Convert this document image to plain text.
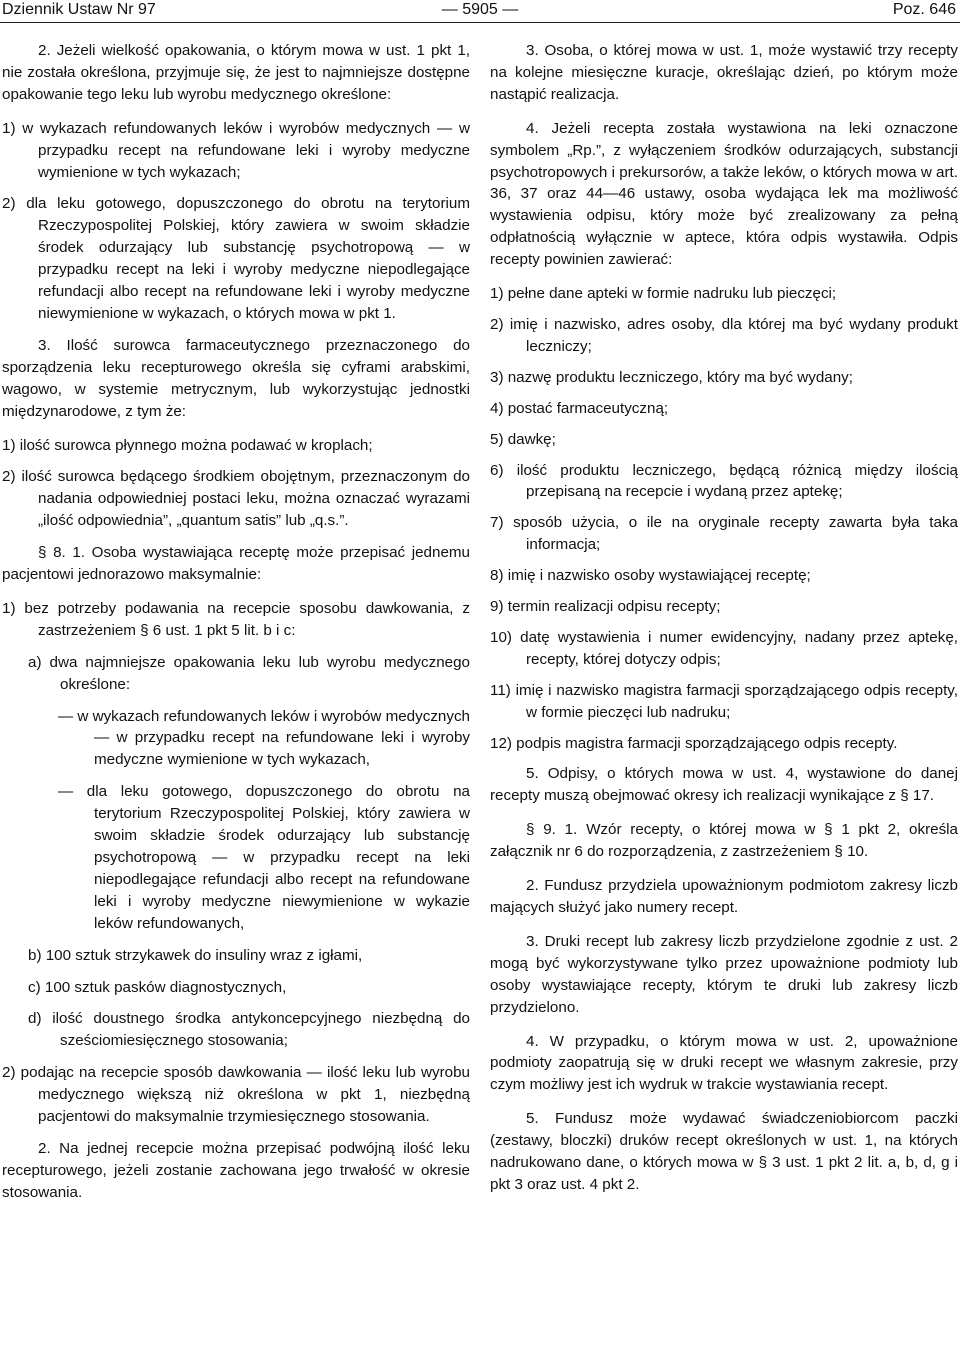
Dziennik Ustaw Nr 97	— 5905 —	Poz. 646

2. Jeżeli wielkość opakowania, o którym mowa w ust. 1 pkt 1, nie została określona, przyjmuje się, że jest to najmniejsze dostępne opakowanie tego leku lub wyrobu medycznego określone:

1) w wykazach refundowanych leków i wyrobów medycznych — w przypadku recept na refundowane leki i wyroby medyczne wymienione w tych wykazach;

2) dla leku gotowego, dopuszczonego do obrotu na terytorium Rzeczypospolitej Polskiej, który zawiera w swoim składzie środek odurzający lub substancję psychotropową — w przypadku recept na leki i wyroby medyczne niepodlegające refundacji albo recept na refundowane leki i wyroby medyczne niewymienione w wykazach, o których mowa w pkt 1.

3. Ilość surowca farmaceutycznego przeznaczonego do sporządzenia leku recepturowego określa się cyframi arabskimi, wagowo, w systemie metrycznym, lub wykorzystując jednostki międzynarodowe, z tym że:

1) ilość surowca płynnego można podawać w kroplach;

2) ilość surowca będącego środkiem obojętnym, przeznaczonym do nadania odpowiedniej postaci leku, można oznaczać wyrazami „ilość odpowiednia”, „quantum satis” lub „q.s.”.

§ 8. 1. Osoba wystawiająca receptę może przepisać jednemu pacjentowi jednorazowo maksymalnie:

1) bez potrzeby podawania na recepcie sposobu dawkowania, z zastrzeżeniem § 6 ust. 1 pkt 5 lit. b i c:

a) dwa najmniejsze opakowania leku lub wyrobu medycznego określone:

— w wykazach refundowanych leków i wyrobów medycznych — w przypadku recept na refundowane leki i wyroby medyczne wymienione w tych wykazach,

— dla leku gotowego, dopuszczonego do obrotu na terytorium Rzeczypospolitej Polskiej, który zawiera w swoim składzie środek odurzający lub substancję psychotropową — w przypadku recept na leki niepodlegające refundacji albo recept na refundowane leki i wyroby medyczne niewymienione w wykazie leków refundowanych,

b) 100 sztuk strzykawek do insuliny wraz z igłami,

c) 100 sztuk pasków diagnostycznych,

d) ilość doustnego środka antykoncepcyjnego niezbędną do sześciomiesięcznego stosowania;

2) podając na recepcie sposób dawkowania — ilość leku lub wyrobu medycznego większą niż określona w pkt 1, niezbędną pacjentowi do maksymalnie trzymiesięcznego stosowania.

2. Na jednej recepcie można przepisać podwójną ilość leku recepturowego, jeżeli zostanie zachowana jego trwałość w okresie stosowania.

3. Osoba, o której mowa w ust. 1, może wystawić trzy recepty na kolejne miesięczne kuracje, określając dzień, po którym może nastąpić realizacja.

4. Jeżeli recepta została wystawiona na leki oznaczone symbolem „Rp.”, z wyłączeniem środków odurzających, substancji psychotropowych i prekursorów, a także leków, o których mowa w art. 36, 37 oraz 44—46 ustawy, osoba wydająca lek ma możliwość wystawienia odpisu, który może być zrealizowany za pełną odpłatnością wyłącznie w aptece, która odpis wystawiła. Odpis recepty powinien zawierać:

1) pełne dane apteki w formie nadruku lub pieczęci;

2) imię i nazwisko, adres osoby, dla której ma być wydany produkt leczniczy;

3) nazwę produktu leczniczego, który ma być wydany;

4) postać farmaceutyczną;

5) dawkę;

6) ilość produktu leczniczego, będącą różnicą między ilością przepisaną na recepcie i wydaną przez aptekę;

7) sposób użycia, o ile na oryginale recepty zawarta była taka informacja;

8) imię i nazwisko osoby wystawiającej receptę;

9) termin realizacji odpisu recepty;

10) datę wystawienia i numer ewidencyjny, nadany przez aptekę, recepty, której dotyczy odpis;

11) imię i nazwisko magistra farmacji sporządzającego odpis recepty, w formie pieczęci lub nadruku;

12) podpis magistra farmacji sporządzającego odpis recepty.

5. Odpisy, o których mowa w ust. 4, wystawione do danej recepty muszą obejmować okresy ich realizacji wynikające z § 17.

§ 9. 1. Wzór recepty, o której mowa w § 1 pkt 2, określa załącznik nr 6 do rozporządzenia, z zastrzeżeniem § 10.

2. Fundusz przydziela upoważnionym podmiotom zakresy liczb mających służyć jako numery recept.

3. Druki recept lub zakresy liczb przydzielone zgodnie z ust. 2 mogą być wykorzystywane tylko przez upoważnione podmioty lub osoby wystawiające recepty, którym te druki lub zakresy liczb przydzielono.

4. W przypadku, o którym mowa w ust. 2, upoważnione podmioty zaopatrują się w druki recept we własnym zakresie, przy czym możliwy jest ich wydruk w trakcie wystawiania recept.

5. Fundusz może wydawać świadczeniobiorcom paczki (zestawy, bloczki) druków recept określonych w ust. 1, na których nadrukowano dane, o których mowa w § 3 ust. 1 pkt 2 lit. a, b, d, g i pkt 3 oraz ust. 4 pkt 2.
